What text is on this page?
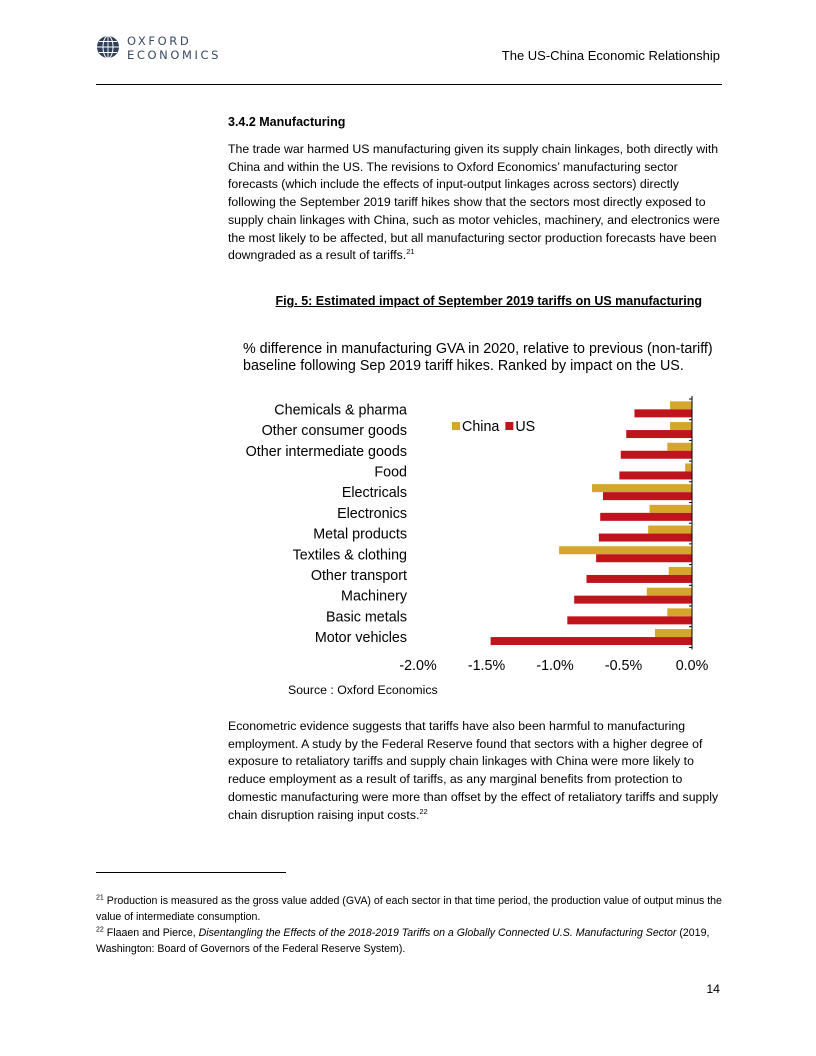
OXFORD
ECONOMICS	The US-China Economic Relationship
3.4.2 Manufacturing
The trade war harmed US manufacturing given its supply chain linkages, both directly with China and within the US. The revisions to Oxford Economics’ manufacturing sector forecasts (which include the effects of input-output linkages across sectors) directly following the September 2019 tariff hikes show that the sectors most directly exposed to supply chain linkages with China, such as motor vehicles, machinery, and electronics were the most likely to be affected, but all manufacturing sector production forecasts have been downgraded as a result of tariffs.$^{21}$
Fig. 5: Estimated impact of September 2019 tariffs on US manufacturing
% difference in manufacturing GVA in 2020, relative to previous (non-tariff) baseline following Sep 2019 tariff hikes. Ranked by impact on the US.
Chemicals & pharma
Other consumer goods
Other intermediate goods
Food
Electricals
Electronics
Metal products
Textiles & clothing
Other transport
Machinery
Basic metals
Motor vehicles
-2.0% -1.5% -1.0% -0.5% 0.0%
China US
Source : Oxford Economics
Econometric evidence suggests that tariffs have also been harmful to manufacturing employment. A study by the Federal Reserve found that sectors with a higher degree of exposure to retaliatory tariffs and supply chain linkages with China were more likely to reduce employment as a result of tariffs, as any marginal benefits from protection to domestic manufacturing were more than offset by the effect of retaliatory tariffs and supply chain disruption raising input costs.$^{22}$
$^{21}$ Production is measured as the gross value added (GVA) of each sector in that time period, the production value of output minus the value of intermediate consumption.
$^{22}$ Flaaen and Pierce, Disentangling the Effects of the 2018-2019 Tariffs on a Globally Connected U.S. Manufacturing Sector (2019, Washington: Board of Governors of the Federal Reserve System).
14
